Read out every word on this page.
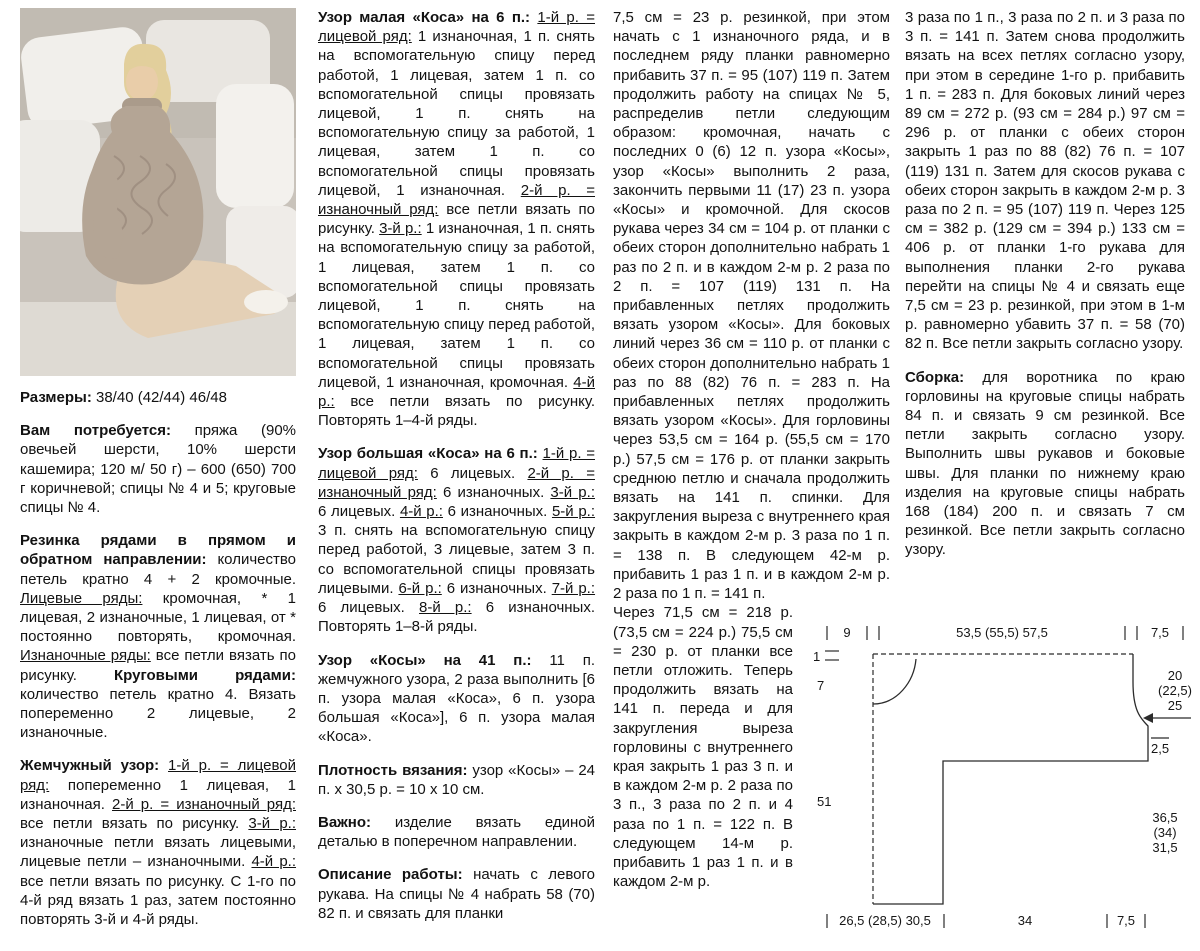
Размеры: 38/40 (42/44) 46/48

Вам потребуется: пряжа (90% овечьей шерсти, 10% шерсти кашемира; 120 м/ 50 г) – 600 (650) 700 г коричневой; спицы № 4 и 5; круговые спицы № 4.

Резинка рядами в прямом и обратном направлении: количество петель кратно 4 + 2 кромочные. Лицевые ряды: кромочная, * 1 лицевая, 2 изнаночные, 1 лицевая, от * постоянно повторять, кромочная. Изнаночные ряды: все петли вязать по рисунку. Круговыми рядами: количество петель кратно 4. Вязать попеременно 2 лицевые, 2 изнаночные.

Жемчужный узор: 1-й р. = лицевой ряд: попеременно 1 лицевая, 1 изнаночная. 2-й р. = изнаночный ряд: все петли вязать по рисунку. 3-й р.: изнаночные петли вязать лицевыми, лицевые петли – изнаночными. 4-й р.: все петли вязать по рисунку. С 1-го по 4-й ряд вязать 1 раз, затем постоянно повторять 3-й и 4-й ряды.

Узор малая «Коса» на 6 п.: 1-й р. = лицевой ряд: 1 изнаночная, 1 п. снять на вспомогательную спицу перед работой, 1 лицевая, затем 1 п. со вспомогательной спицы провязать лицевой, 1 п. снять на вспомогательную спицу за работой, 1 лицевая, затем 1 п. со вспомогательной спицы провязать лицевой, 1 изнаночная. 2-й р. = изнаночный ряд: все петли вязать по рисунку. 3-й р.: 1 изнаночная, 1 п. снять на вспомогательную спицу за работой, 1 лицевая, затем 1 п. со вспомогательной спицы провязать лицевой, 1 п. снять на вспомогательную спицу перед работой, 1 лицевая, затем 1 п. со вспомогательной спицы провязать лицевой, 1 изнаночная, кромочная. 4-й р.: все петли вязать по рисунку. Повторять 1–4-й ряды.

Узор большая «Коса» на 6 п.: 1-й р. = лицевой ряд: 6 лицевых. 2-й р. = изнаночный ряд: 6 изнаночных. 3-й р.: 6 лицевых. 4-й р.: 6 изнаночных. 5-й р.: 3 п. снять на вспомогательную спицу перед работой, 3 лицевые, затем 3 п. со вспомогательной спицы провязать лицевыми. 6-й р.: 6 изнаночных. 7-й р.: 6 лицевых. 8-й р.: 6 изнаночных. Повторять 1–8-й ряды.

Узор «Косы» на 41 п.: 11 п. жемчужного узора, 2 раза выполнить [6 п. узора малая «Коса», 6 п. узора большая «Коса»], 6 п. узора малая «Коса».

Плотность вязания: узор «Косы» – 24 п. х 30,5 р. = 10 х 10 см.

Важно: изделие вязать единой деталью в поперечном направлении.

Описание работы: начать с левого рукава. На спицы № 4 набрать 58 (70) 82 п. и связать для планки

7,5 см = 23 р. резинкой, при этом начать с 1 изнаночного ряда, и в последнем ряду планки равномерно прибавить 37 п. = 95 (107) 119 п. Затем продолжить работу на спицах № 5, распределив петли следующим образом: кромочная, начать с последних 0 (6) 12 п. узора «Косы», узор «Косы» выполнить 2 раза, закончить первыми 11 (17) 23 п. узора «Косы» и кромочной. Для скосов рукава через 34 см = 104 р. от планки с обеих сторон дополнительно набрать 1 раз по 2 п. и в каждом 2-м р. 2 раза по 2 п. = 107 (119) 131 п. На прибавленных петлях продолжить вязать узором «Косы». Для боковых линий через 36 см = 110 р. от планки с обеих сторон дополнительно набрать 1 раз по 88 (82) 76 п. = 283 п. На прибавленных петлях продолжить вязать узором «Косы». Для горловины через 53,5 см = 164 р. (55,5 см = 170 р.) 57,5 см = 176 р. от планки закрыть среднюю петлю и сначала продолжить вязать на 141 п. спинки. Для закругления выреза с внутреннего края закрыть в каждом 2-м р. 3 раза по 1 п. = 138 п. В следующем 42-м р. прибавить 1 раз 1 п. и в каждом 2-м р. 2 раза по 1 п. = 141 п.

Через 71,5 см = 218 р. (73,5 см = 224 р.) 75,5 см = 230 р. от планки все петли отложить. Теперь продолжить вязать на 141 п. переда и для закругления выреза горловины с внутреннего края закрыть 1 раз 3 п. и в каждом 2-м р. 2 раза по 3 п., 3 раза по 2 п. и 4 раза по 1 п. = 122 п. В следующем 14-м р. прибавить 1 раз 1 п. и в каждом 2-м р.

3 раза по 1 п., 3 раза по 2 п. и 3 раза по 3 п. = 141 п. Затем снова продолжить вязать на всех петлях согласно узору, при этом в середине 1-го р. прибавить 1 п. = 283 п. Для боковых линий через 89 см = 272 р. (93 см = 284 р.) 97 см = 296 р. от планки с обеих сторон закрыть 1 раз по 88 (82) 76 п. = 107 (119) 131 п. Затем для скосов рукава с обеих сторон закрыть в каждом 2-м р. 3 раза по 2 п. = 95 (107) 119 п. Через 125 см = 382 р. (129 см = 394 р.) 133 см = 406 р. от планки 1-го рукава для выполнения планки 2-го рукава перейти на спицы № 4 и связать еще 7,5 см = 23 р. резинкой, при этом в 1-м р. равномерно убавить 37 п. = 58 (70) 82 п. Все петли закрыть согласно узору.

Сборка: для воротника по краю горловины на круговые спицы набрать 84 п. и связать 9 см резинкой. Все петли закрыть согласно узору. Выполнить швы рукавов и боковые швы. Для планки по нижнему краю изделия на круговые спицы набрать 168 (184) 200 п. и связать 7 см резинкой. Все петли закрыть согласно узору.

9	53,5 (55,5) 57,5	7,5
1
7
20
(22,5)
25
2,5
36,5
(34)
31,5
51
26,5 (28,5) 30,5	34	7,5
